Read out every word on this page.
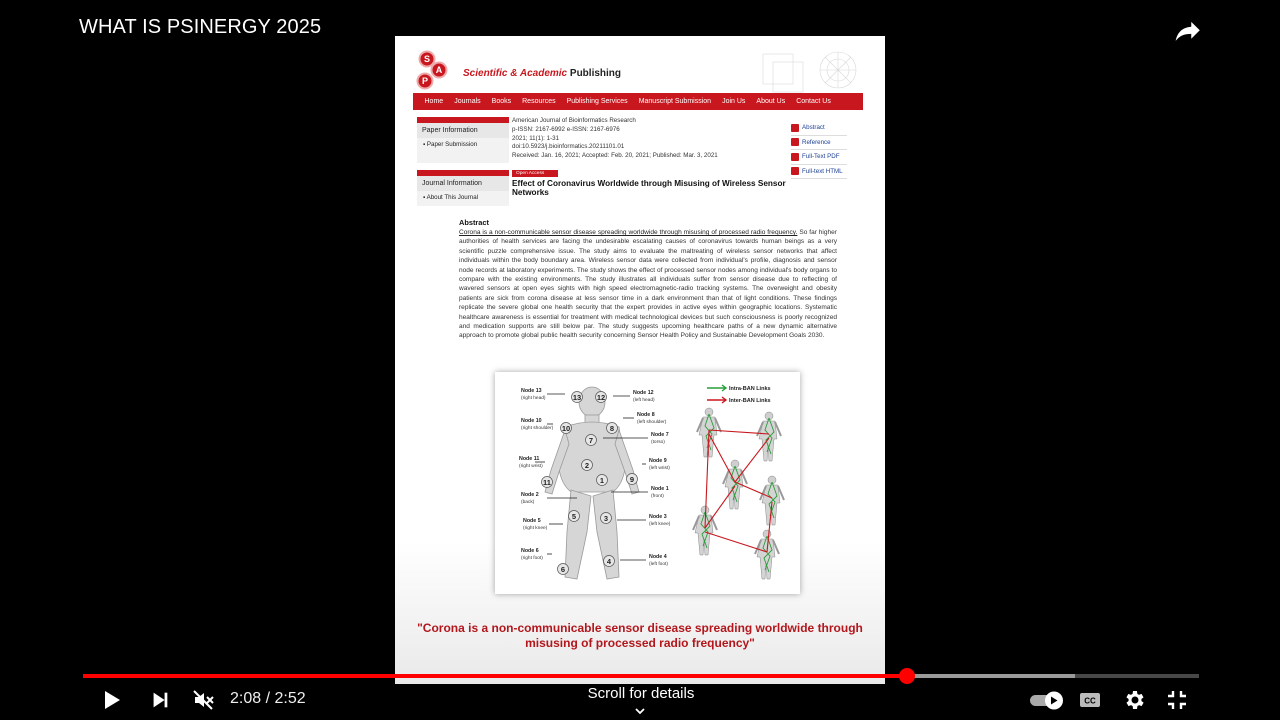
WHAT IS PSINERGY 2025
S
A
P
Scientific & Academic Publishing
Home	Journals	Books	Resources	Publishing Services	Manuscript Submission	Join Us	About Us	Contact Us
Paper Information
▪ Paper Submission
Journal Information
▪ About This Journal
American Journal of Bioinformatics Research
p-ISSN: 2167-6992 e-ISSN: 2167-6976
2021; 11(1): 1-31
doi:10.5923/j.bioinformatics.20211101.01
Received: Jan. 16, 2021; Accepted: Feb. 20, 2021; Published: Mar. 3, 2021
Open Access
Effect of Coronavirus Worldwide through Misusing of Wireless Sensor Networks
Abstract
Reference
Full-Text PDF
Full-text HTML
Abstract
Corona is a non-communicable sensor disease spreading worldwide through misusing of processed radio frequency. So far higher authorities of health services are facing the undesirable escalating causes of coronavirus towards human beings as a very scientific puzzle comprehensive issue. The study aims to evaluate the maltreating of wireless sensor networks that affect individuals within the body boundary area. Wireless sensor data were collected from individual's profile, diagnosis and sensor node records at laboratory experiments. The study shows the effect of processed sensor nodes among individual's body organs to compare with the existing environments. The study illustrates all individuals suffer from sensor disease due to reflecting of wavered sensors at open eyes sights with high speed electromagnetic-radio tracking systems. The overweight and obesity patients are sick from corona disease at less sensor time in a dark environment than that of light conditions. These findings replicate the severe global one health security that the expert provides in active eyes within geographic locations. Systematic healthcare awareness is essential for treatment with medical technological devices but such consciousness is poorly recognized and medication supports are still below par. The study suggests upcoming healthcare paths of a new dynamic alternative approach to promote global public health security concerning Sensor Health Policy and Sustainable Development Goals 2030.
13 12
10	8
7
2
11	1	9
5	3
6
4
Node 13
(right head)
Node 12
(left head)
Node 10
(right shoulder)
Node 8
(left shoulder)
Node 7
(torso)
Node 11
(right wrist)
Node 9
(left wrist)
Node 2
(back)
Node 1
(front)
Node 5
(right knee)
Node 3
(left knee)
Node 6
(right foot)	Node 4
(left foot)
Intra-BAN Links
Inter-BAN Links
"Corona is a non-communicable sensor disease spreading worldwide through misusing of processed radio frequency"
2:08 / 2:52	Scroll for details	CC
